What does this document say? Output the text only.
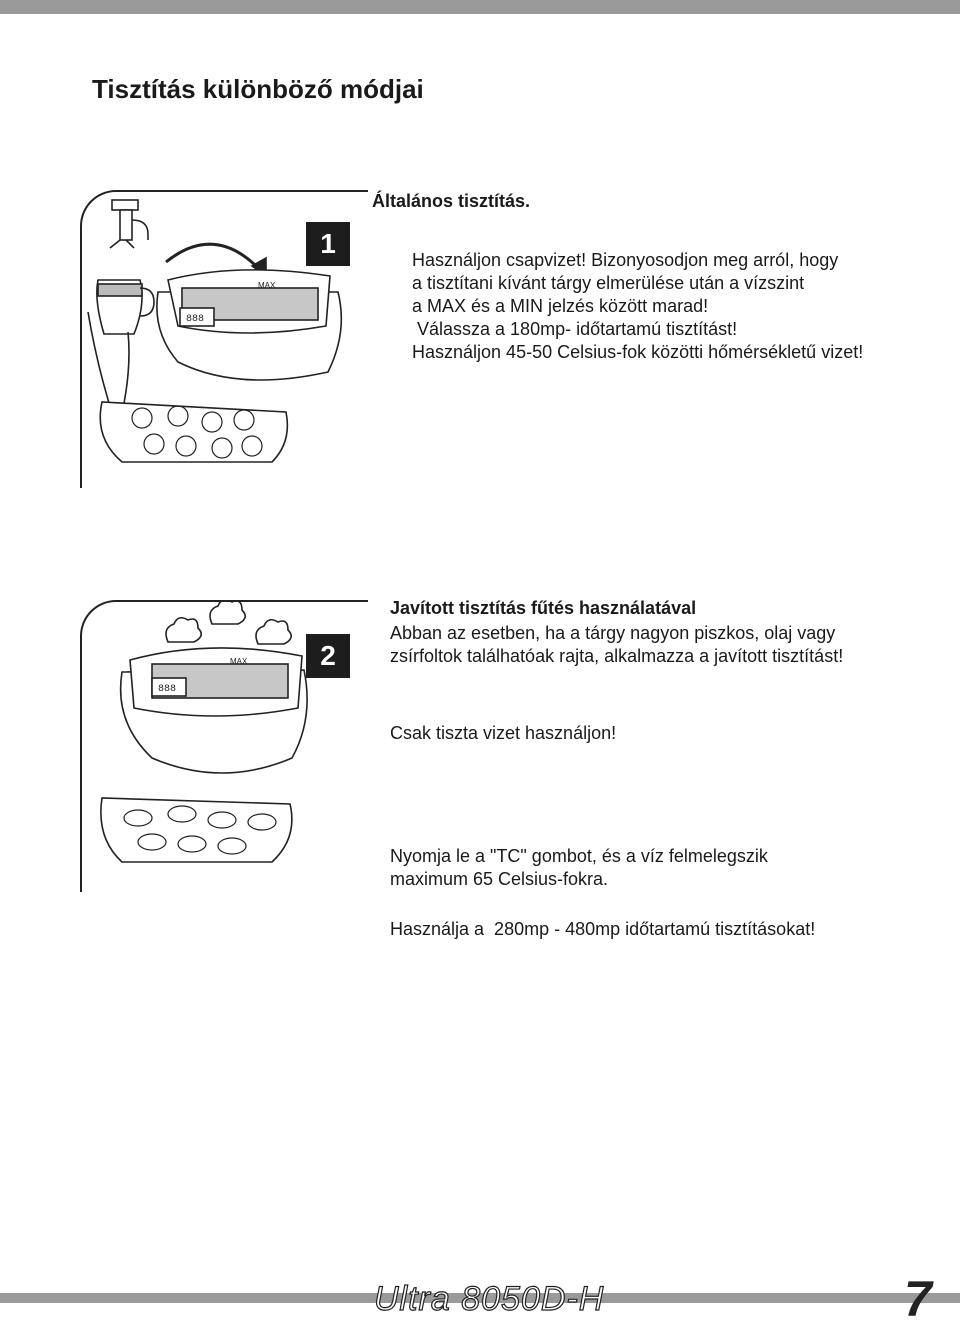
Tisztítás különböző módjai
888
MAX
1
Általános tisztítás.

Használjon csapvizet! Bizonyosodjon meg arról, hogy
a tisztítani kívánt tárgy elmerülése után a vízszint
a MAX és a MIN jelzés között marad!
Válassza a 180mp- időtartamú tisztítást!
Használjon 45-50 Celsius-fok közötti hőmérsékletű vizet!

888
MAX	2
Javított tisztítás fűtés használatával

Abban az esetben, ha a tárgy nagyon piszkos, olaj vagy
zsírfoltok találhatóak rajta, alkalmazza a javított tisztítást!

Csak tiszta vizet használjon!

Nyomja le a "TC" gombot, és a víz felmelegszik
maximum 65 Celsius-fokra.

Használja a  280mp - 480mp időtartamú tisztításokat!

Ultra 8050D-H	7
